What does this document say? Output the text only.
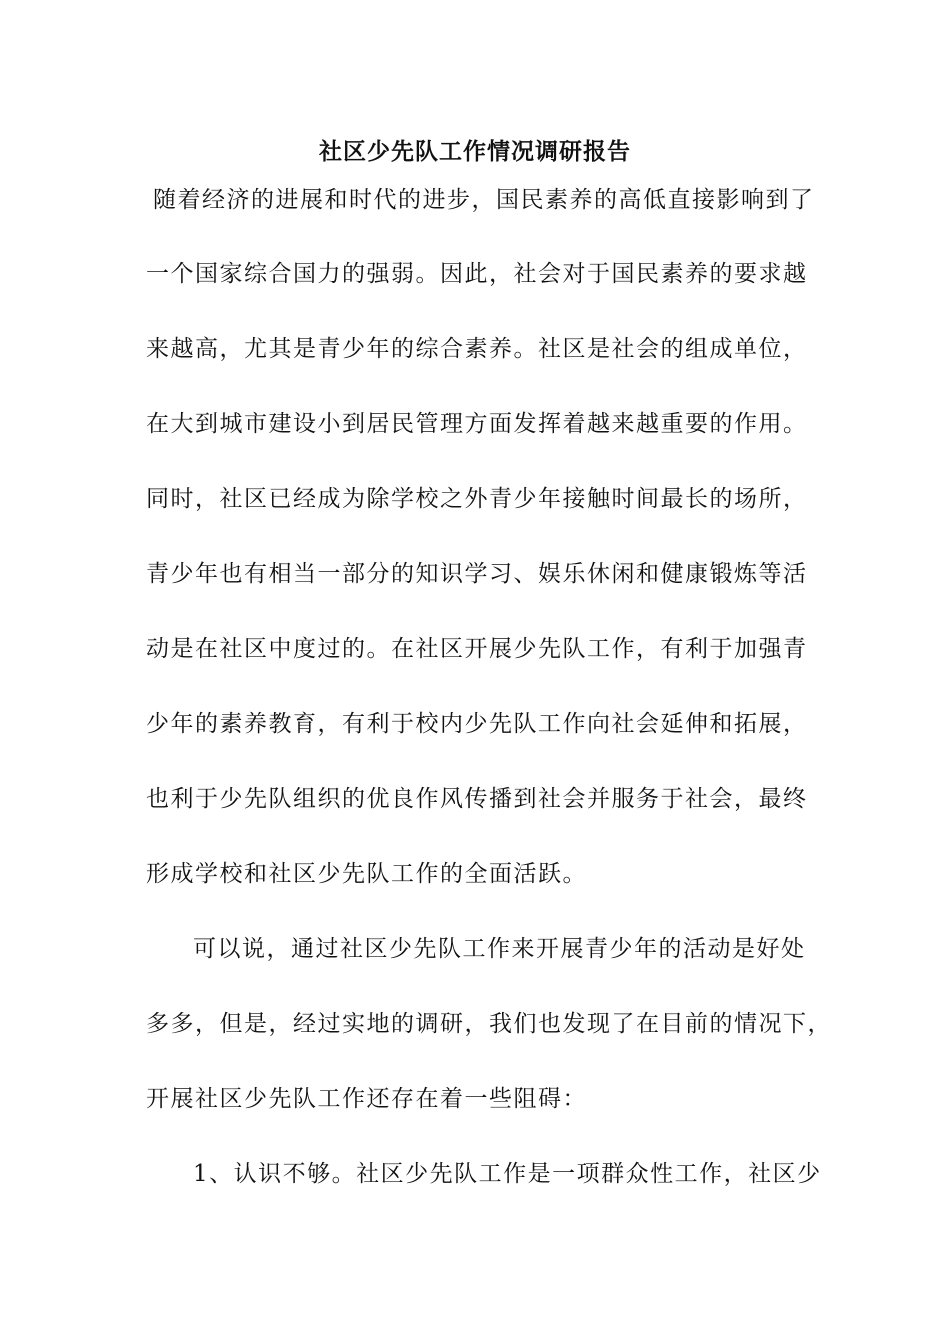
社区少先队工作情况调研报告
随着经济的进展和时代的进步，国民素养的高低直接影响到了
一个国家综合国力的强弱。因此，社会对于国民素养的要求越
来越高，尤其是青少年的综合素养。社区是社会的组成单位，
在大到城市建设小到居民管理方面发挥着越来越重要的作用。
同时，社区已经成为除学校之外青少年接触时间最长的场所，
青少年也有相当一部分的知识学习、娱乐休闲和健康锻炼等活
动是在社区中度过的。在社区开展少先队工作，有利于加强青
少年的素养教育，有利于校内少先队工作向社会延伸和拓展，
也利于少先队组织的优良作风传播到社会并服务于社会，最终
形成学校和社区少先队工作的全面活跃。
可以说，通过社区少先队工作来开展青少年的活动是好处
多多，但是，经过实地的调研，我们也发现了在目前的情况下，
开展社区少先队工作还存在着一些阻碍：
1、认识不够。社区少先队工作是一项群众性工作，社区少
